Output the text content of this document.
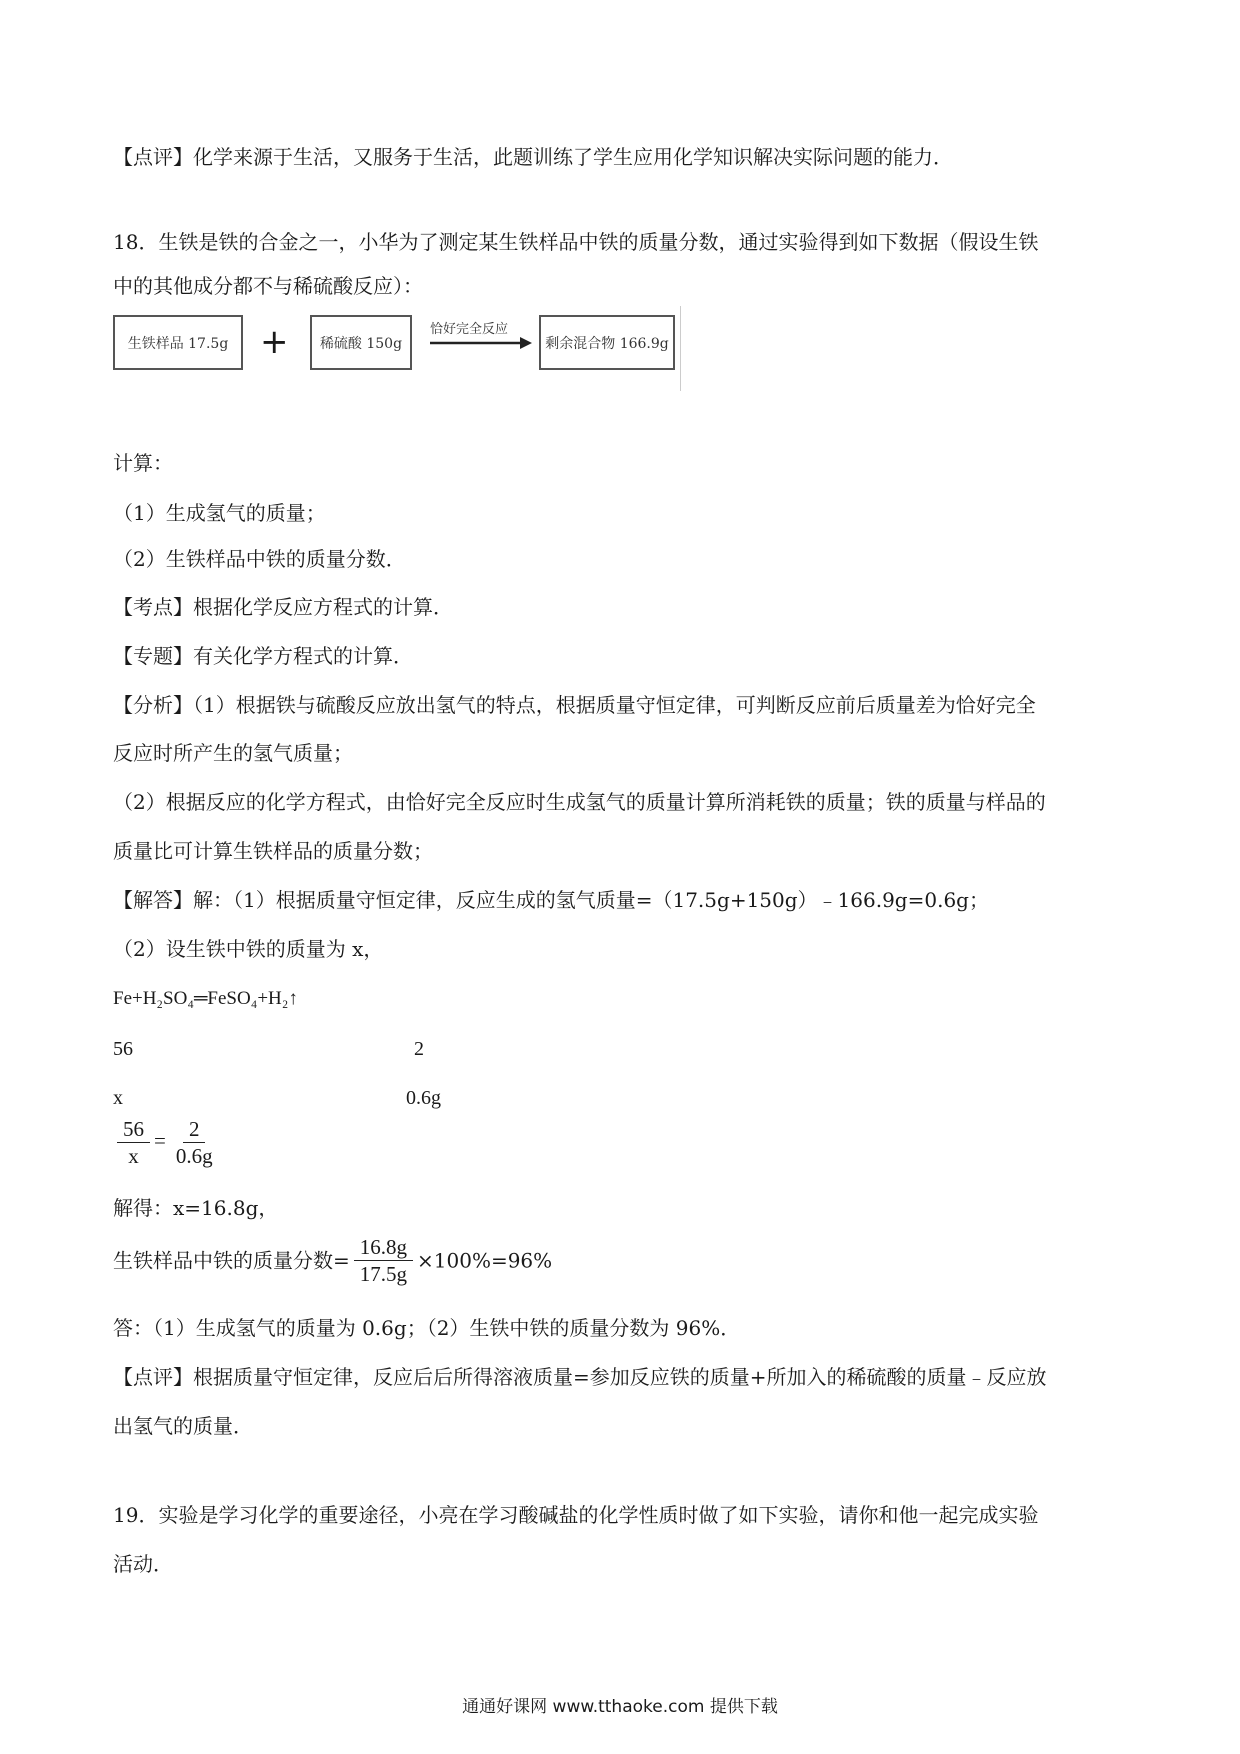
【点评】化学来源于生活，又服务于生活，此题训练了学生应用化学知识解决实际问题的能力．
18．生铁是铁的合金之一，小华为了测定某生铁样品中铁的质量分数，通过实验得到如下数据（假设生铁
中的其他成分都不与稀硫酸反应）：
生铁样品 17.5g +	稀硫酸 150g
恰好完全反应
剩余混合物 166.9g
计算：
（1）生成氢气的质量；
（2）生铁样品中铁的质量分数．
【考点】根据化学反应方程式的计算．
【专题】有关化学方程式的计算．
【分析】（1）根据铁与硫酸反应放出氢气的特点，根据质量守恒定律，可判断反应前后质量差为恰好完全
反应时所产生的氢气质量；
（2）根据反应的化学方程式，由恰好完全反应时生成氢气的质量计算所消耗铁的质量；铁的质量与样品的
质量比可计算生铁样品的质量分数；
【解答】解：（1）根据质量守恒定律，反应生成的氢气质量=（17.5g+150g）﹣166.9g=0.6g；
（2）设生铁中铁的质量为 x，
Fe+H₂SO₄═FeSO₄+H₂↑
56	2
x	0.6g
$\frac{56}{x} = \frac{2}{0.6g}$
解得：x=16.8g，
生铁样品中铁的质量分数= $\frac{16.8g}{17.5g} \times 100\%=96\%$
答：（1）生成氢气的质量为 0.6g；（2）生铁中铁的质量分数为 96%．
【点评】根据质量守恒定律，反应后后所得溶液质量=参加反应铁的质量+所加入的稀硫酸的质量﹣反应放
出氢气的质量．
19．实验是学习化学的重要途径，小亮在学习酸碱盐的化学性质时做了如下实验，请你和他一起完成实验
活动．
通通好课网 www.tthaoke.com 提供下载
